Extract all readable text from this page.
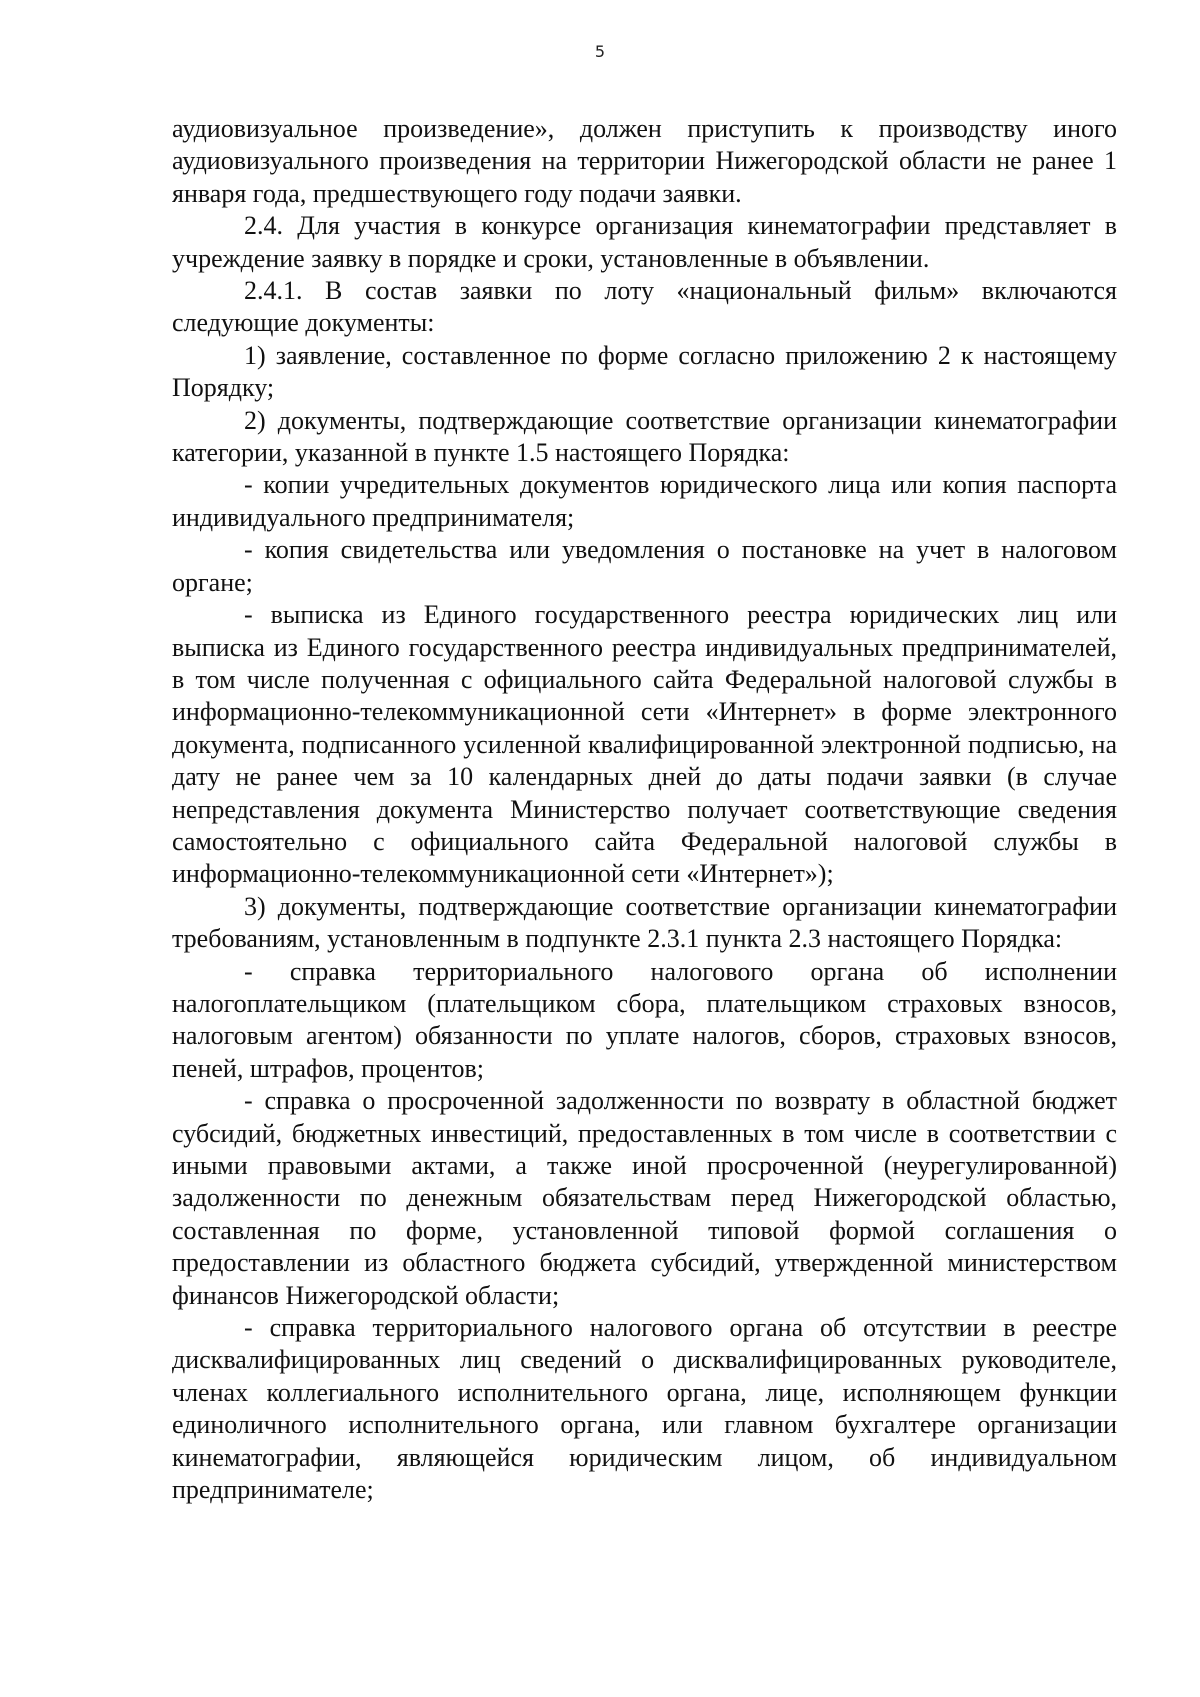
5

аудиовизуальное произведение», должен приступить к производству иного аудиовизуального произведения на территории Нижегородской области не ранее 1 января года, предшествующего году подачи заявки.

2.4. Для участия в конкурсе организация кинематографии представляет в учреждение заявку в порядке и сроки, установленные в объявлении.

2.4.1. В состав заявки по лоту «национальный фильм» включаются следующие документы:

1) заявление, составленное по форме согласно приложению 2 к настоящему Порядку;

2) документы, подтверждающие соответствие организации кинематографии категории, указанной в пункте 1.5 настоящего Порядка:

- копии учредительных документов юридического лица или копия паспорта индивидуального предпринимателя;

- копия свидетельства или уведомления о постановке на учет в налоговом органе;

- выписка из Единого государственного реестра юридических лиц или выписка из Единого государственного реестра индивидуальных предпринимателей, в том числе полученная с официального сайта Федеральной налоговой службы в информационно-телекоммуникационной сети «Интернет» в форме электронного документа, подписанного усиленной квалифицированной электронной подписью, на дату не ранее чем за 10 календарных дней до даты подачи заявки (в случае непредставления документа Министерство получает соответствующие сведения самостоятельно с официального сайта Федеральной налоговой службы в информационно-телекоммуникационной сети «Интернет»);

3) документы, подтверждающие соответствие организации кинематографии требованиям, установленным в подпункте 2.3.1 пункта 2.3 настоящего Порядка:

- справка территориального налогового органа об исполнении налогоплательщиком (плательщиком сбора, плательщиком страховых взносов, налоговым агентом) обязанности по уплате налогов, сборов, страховых взносов, пеней, штрафов, процентов;

- справка о просроченной задолженности по возврату в областной бюджет субсидий, бюджетных инвестиций, предоставленных в том числе в соответствии с иными правовыми актами, а также иной просроченной (неурегулированной) задолженности по денежным обязательствам перед Нижегородской областью, составленная по форме, установленной типовой формой соглашения о предоставлении из областного бюджета субсидий, утвержденной министерством финансов Нижегородской области;

- справка территориального налогового органа об отсутствии в реестре дисквалифицированных лиц сведений о дисквалифицированных руководителе, членах коллегиального исполнительного органа, лице, исполняющем функции единоличного исполнительного органа, или главном бухгалтере организации кинематографии, являющейся юридическим лицом, об индивидуальном предпринимателе;
